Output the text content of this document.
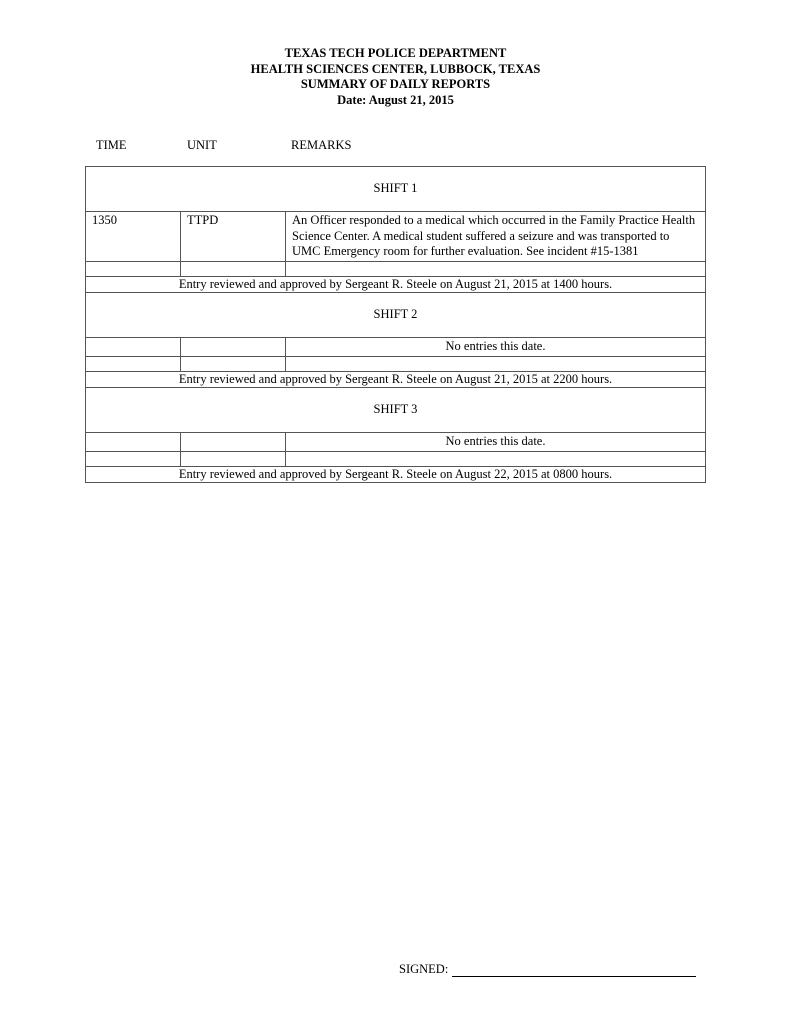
TEXAS TECH POLICE DEPARTMENT
HEALTH SCIENCES CENTER, LUBBOCK, TEXAS
SUMMARY OF DAILY REPORTS
Date: August 21, 2015
TIME	UNIT	REMARKS
SHIFT 1		
1350	TTPD	An Officer responded to a medical which occurred in the Family Practice Health Science Center. A medical student suffered a seizure and was transported to UMC Emergency room for further evaluation. See incident #15-1381

Entry reviewed and approved by Sergeant R. Steele on August 21, 2015 at 1400 hours.		
SHIFT 2		
		No entries this date.

Entry reviewed and approved by Sergeant R. Steele on August 21, 2015 at 2200 hours.		
SHIFT 3		
		No entries this date.

Entry reviewed and approved by Sergeant R. Steele on August 22, 2015 at 0800 hours.		
SIGNED:
